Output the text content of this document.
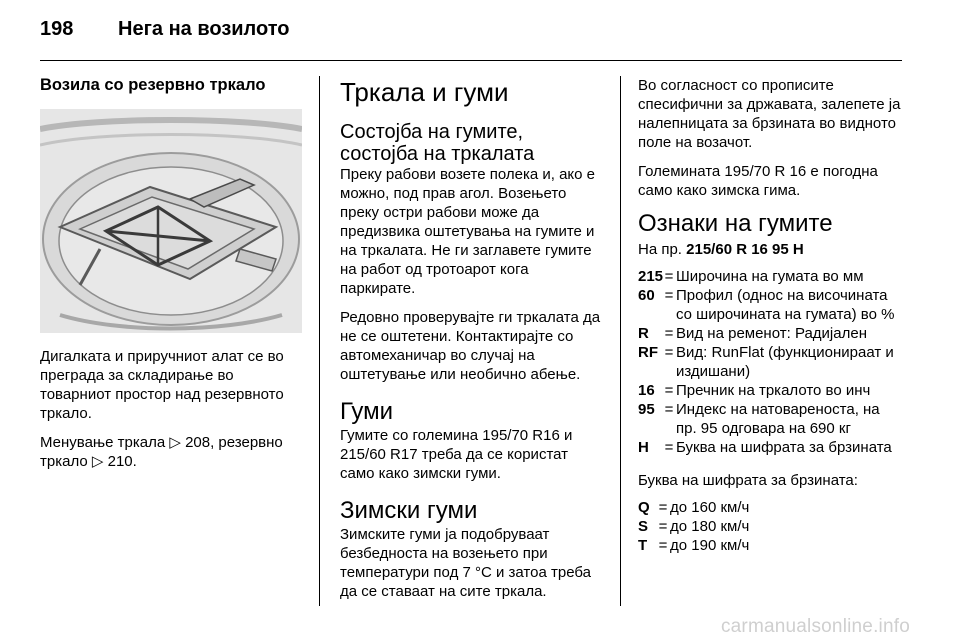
198 Нега на возилото
Возила со резервно тркало

Дигалката и приручниот алат се во преграда за складирање во товарниот простор над резервното тркало.

Менување тркала ▷ 208, резервно тркало ▷ 210.

Тркала и гуми
Состојба на гумите, состојба на тркалата

Преку рабови возете полека и, ако е можно, под прав агол. Возењето преку остри рабови може да предизвика оштетувања на гумите и на тркалата. Не ги заглавете гумите на работ од тротоарот кога паркирате.

Редовно проверувајте ги тркалата да не се оштетени. Контактирајте со автомеханичар во случај на оштетување или необично абење.

Гуми

Гумите со големина 195/70 R16 и 215/60 R17 треба да се користат само како зимски гуми.

Зимски гуми

Зимските гуми ја подобруваат безбедноста на возењето при температури под 7 °C и затоа треба да се ставаат на сите тркала.

Во согласност со прописите спесифични за државата, залепете ја налепницата за брзината во видното поле на возачот.

Големината 195/70 R 16 е погодна само како зимска гима.

Ознаки на гумите
На пр. 215/60 R 16 95 H
215 = Широчина на гумата во мм
60 = Профил (однос на височината со широчината на гумата) во %
R	= Вид на ременот: Радијален
RF = Вид: RunFlat (функционираат и издишани)
16 = Пречник на тркалото во инч
95 = Индекс на натовареноста, на пр. 95 одговара на 690 кг
H	= Буква на шифрата за брзината
Буква на шифрата за брзината:
Q = до 160 км/ч
S = до 180 км/ч
T = до 190 км/ч
carmanualsonline.info
